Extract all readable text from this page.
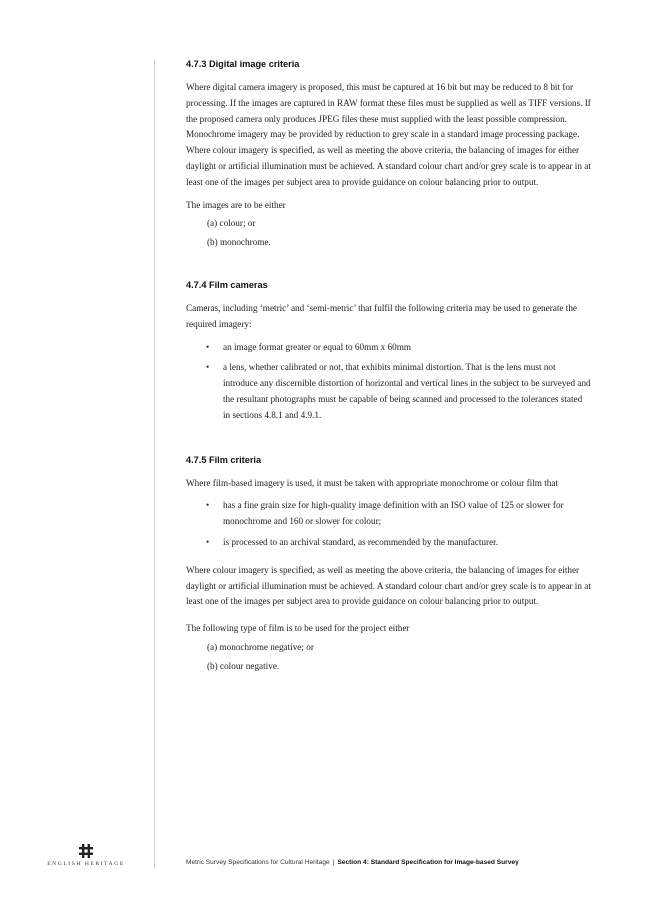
4.7.3 Digital image criteria

Where digital camera imagery is proposed, this must be captured at 16 bit but may be reduced to 8 bit for processing. If the images are captured in RAW format these files must be supplied as well as TIFF versions. If the proposed camera only produces JPEG files these must supplied with the least possible compression. Monochrome imagery may be provided by reduction to grey scale in a standard image processing package. Where colour imagery is specified, as well as meeting the above criteria, the balancing of images for either daylight or artificial illumination must be achieved. A standard colour chart and/or grey scale is to appear in at least one of the images per subject area to provide guidance on colour balancing prior to output.

The images are to be either

(a) colour; or
(b) monochrome.
4.7.4 Film cameras

Cameras, including ‘metric’ and ‘semi-metric’ that fulfil the following criteria may be used to generate the required imagery:

• an image format greater or equal to 60mm x 60mm
• a lens, whether calibrated or not, that exhibits minimal distortion. That is the lens must not introduce any discernible distortion of horizontal and vertical lines in the subject to be surveyed and the resultant photographs must be capable of being scanned and processed to the tolerances stated in sections 4.8.1 and 4.9.1.
4.7.5 Film criteria

Where film-based imagery is used, it must be taken with appropriate monochrome or colour film that

• has a fine grain size for high-quality image definition with an ISO value of 125 or slower for monochrome and 160 or slower for colour;
• is processed to an archival standard, as recommended by the manufacturer.

Where colour imagery is specified, as well as meeting the above criteria, the balancing of images for either daylight or artificial illumination must be achieved. A standard colour chart and/or grey scale is to appear in at least one of the images per subject area to provide guidance on colour balancing prior to output.

The following type of film is to be used for the project either

(a) monochrome negative; or
(b) colour negative.
ENGLISH HERITAGE	Metric Survey Specifications for Cultural Heritage | Section 4: Standard Specification for Image-based Survey
